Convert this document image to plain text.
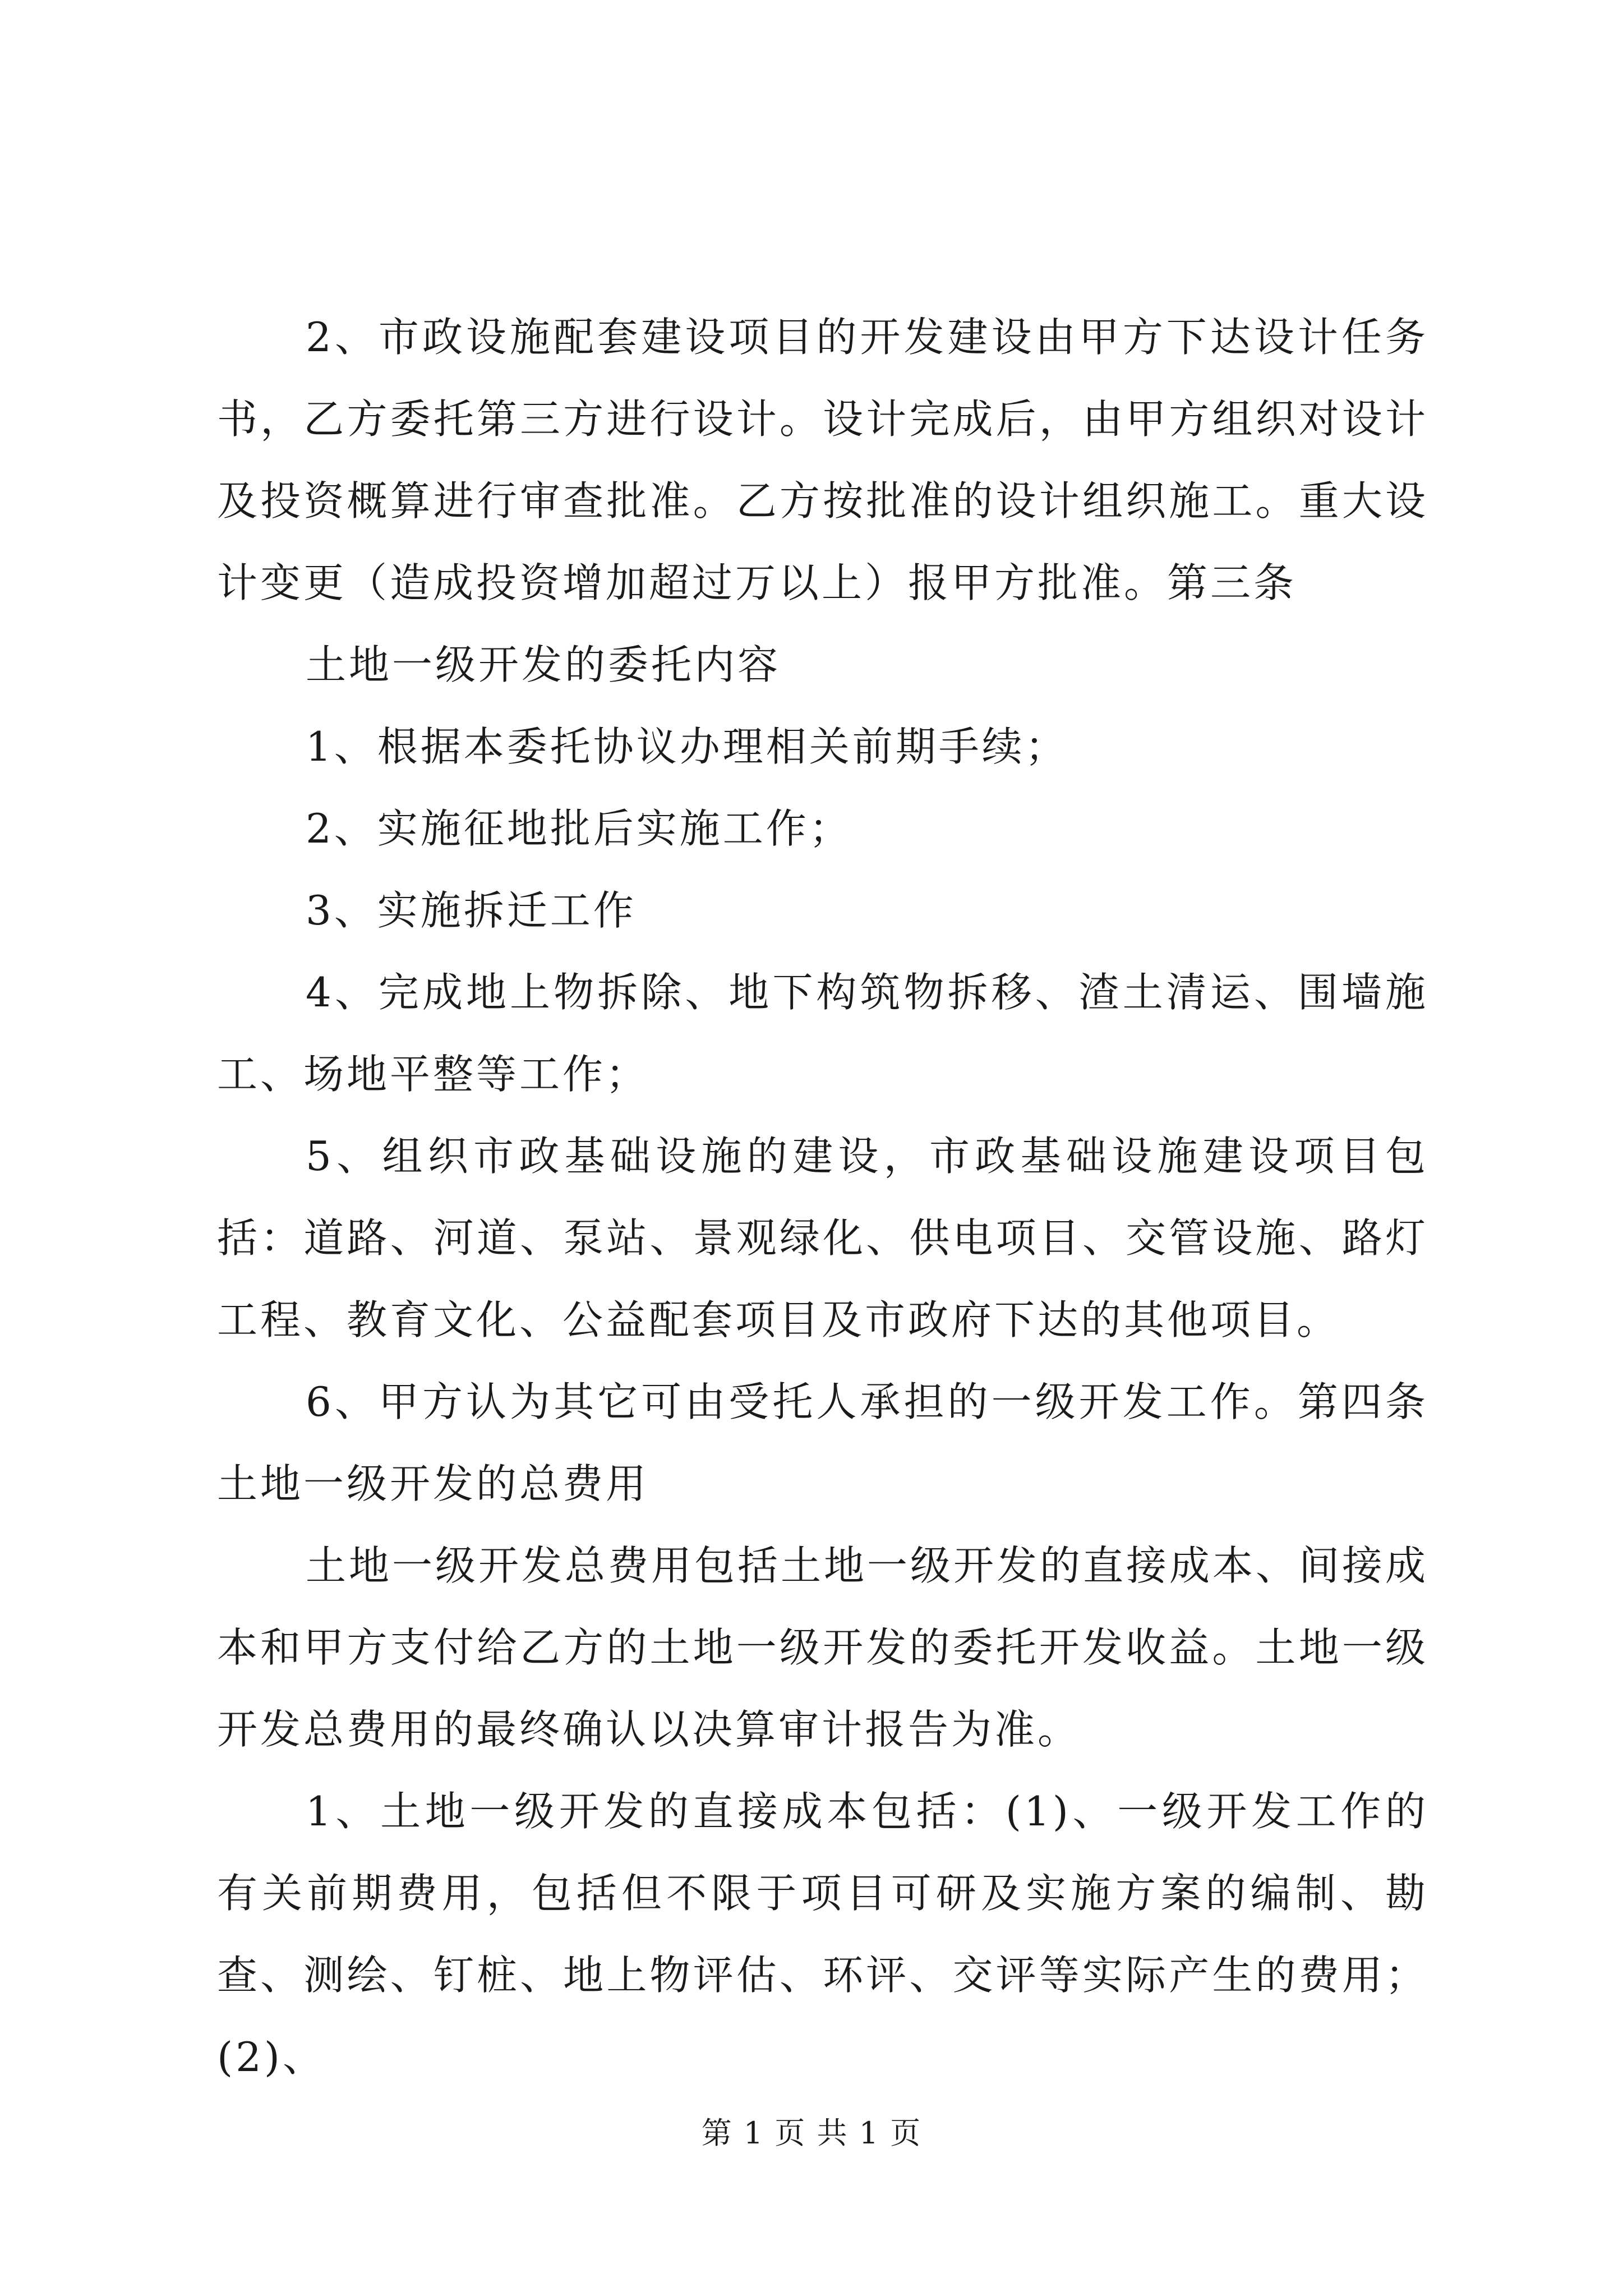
2、市政设施配套建设项目的开发建设由甲方下达设计任务书，乙方委托第三方进行设计。设计完成后，由甲方组织对设计及投资概算进行审查批准。乙方按批准的设计组织施工。重大设计变更（造成投资增加超过万以上）报甲方批准。第三条

土地一级开发的委托内容

1、根据本委托协议办理相关前期手续；

2、实施征地批后实施工作；

3、实施拆迁工作

4、完成地上物拆除、地下构筑物拆移、渣土清运、围墙施工、场地平整等工作；

5、组织市政基础设施的建设，市政基础设施建设项目包括：道路、河道、泵站、景观绿化、供电项目、交管设施、路灯工程、教育文化、公益配套项目及市政府下达的其他项目。

6、甲方认为其它可由受托人承担的一级开发工作。第四条土地一级开发的总费用

土地一级开发总费用包括土地一级开发的直接成本、间接成本和甲方支付给乙方的土地一级开发的委托开发收益。土地一级开发总费用的最终确认以决算审计报告为准。

1、土地一级开发的直接成本包括：(1)、一级开发工作的有关前期费用，包括但不限于项目可研及实施方案的编制、勘查、测绘、钉桩、地上物评估、环评、交评等实际产生的费用；(2)、

第 1 页 共 1 页
